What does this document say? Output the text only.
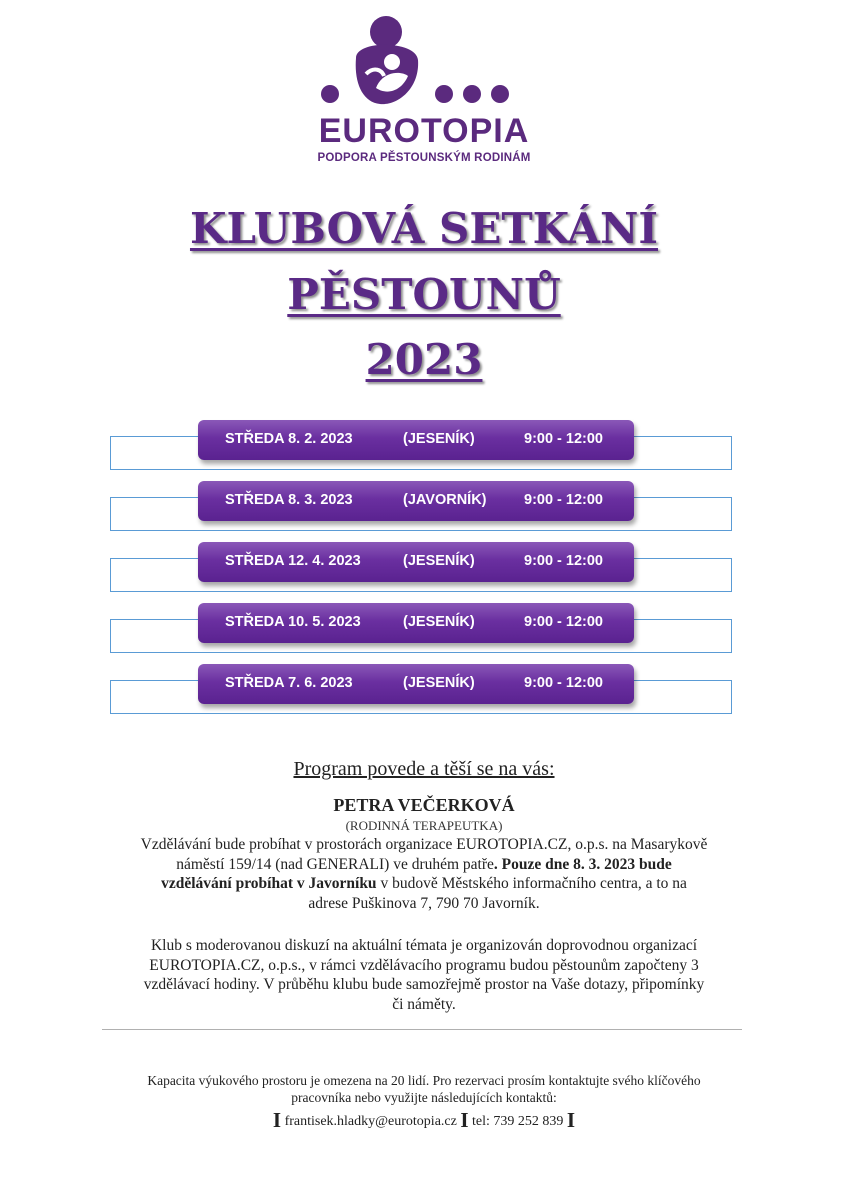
EUROTOPIA
PODPORA PĚSTOUNSKÝM RODINÁM
KLUBOVÁ SETKÁNÍ
PĚSTOUNŮ
2023
STŘEDA 8. 2. 2023	(JESENÍK)	9:00 - 12:00
STŘEDA 8. 3. 2023	(JAVORNÍK)	9:00 - 12:00
STŘEDA 12. 4. 2023	(JESENÍK)	9:00 - 12:00
STŘEDA 10. 5. 2023	(JESENÍK)	9:00 - 12:00
STŘEDA 7. 6. 2023	(JESENÍK)	9:00 - 12:00
Program povede a těší se na vás:
PETRA VEČERKOVÁ
(RODINNÁ TERAPEUTKA)
Vzdělávání bude probíhat v prostorách organizace EUROTOPIA.CZ, o.p.s. na Masarykově náměstí 159/14 (nad GENERALI) ve druhém patře. Pouze dne 8. 3. 2023 bude vzdělávání probíhat v Javorníku v budově Městského informačního centra, a to na adrese Puškinova 7, 790 70 Javorník.
Klub s moderovanou diskuzí na aktuální témata je organizován doprovodnou organizací EUROTOPIA.CZ, o.p.s., v rámci vzdělávacího programu budou pěstounům započteny 3 vzdělávací hodiny. V průběhu klubu bude samozřejmě prostor na Vaše dotazy, připomínky či náměty.
Kapacita výukového prostoru je omezena na 20 lidí. Pro rezervaci prosím kontaktujte svého klíčového pracovníka nebo využijte následujících kontaktů:
I frantisek.hladky@eurotopia.cz I tel: 739 252 839 I
